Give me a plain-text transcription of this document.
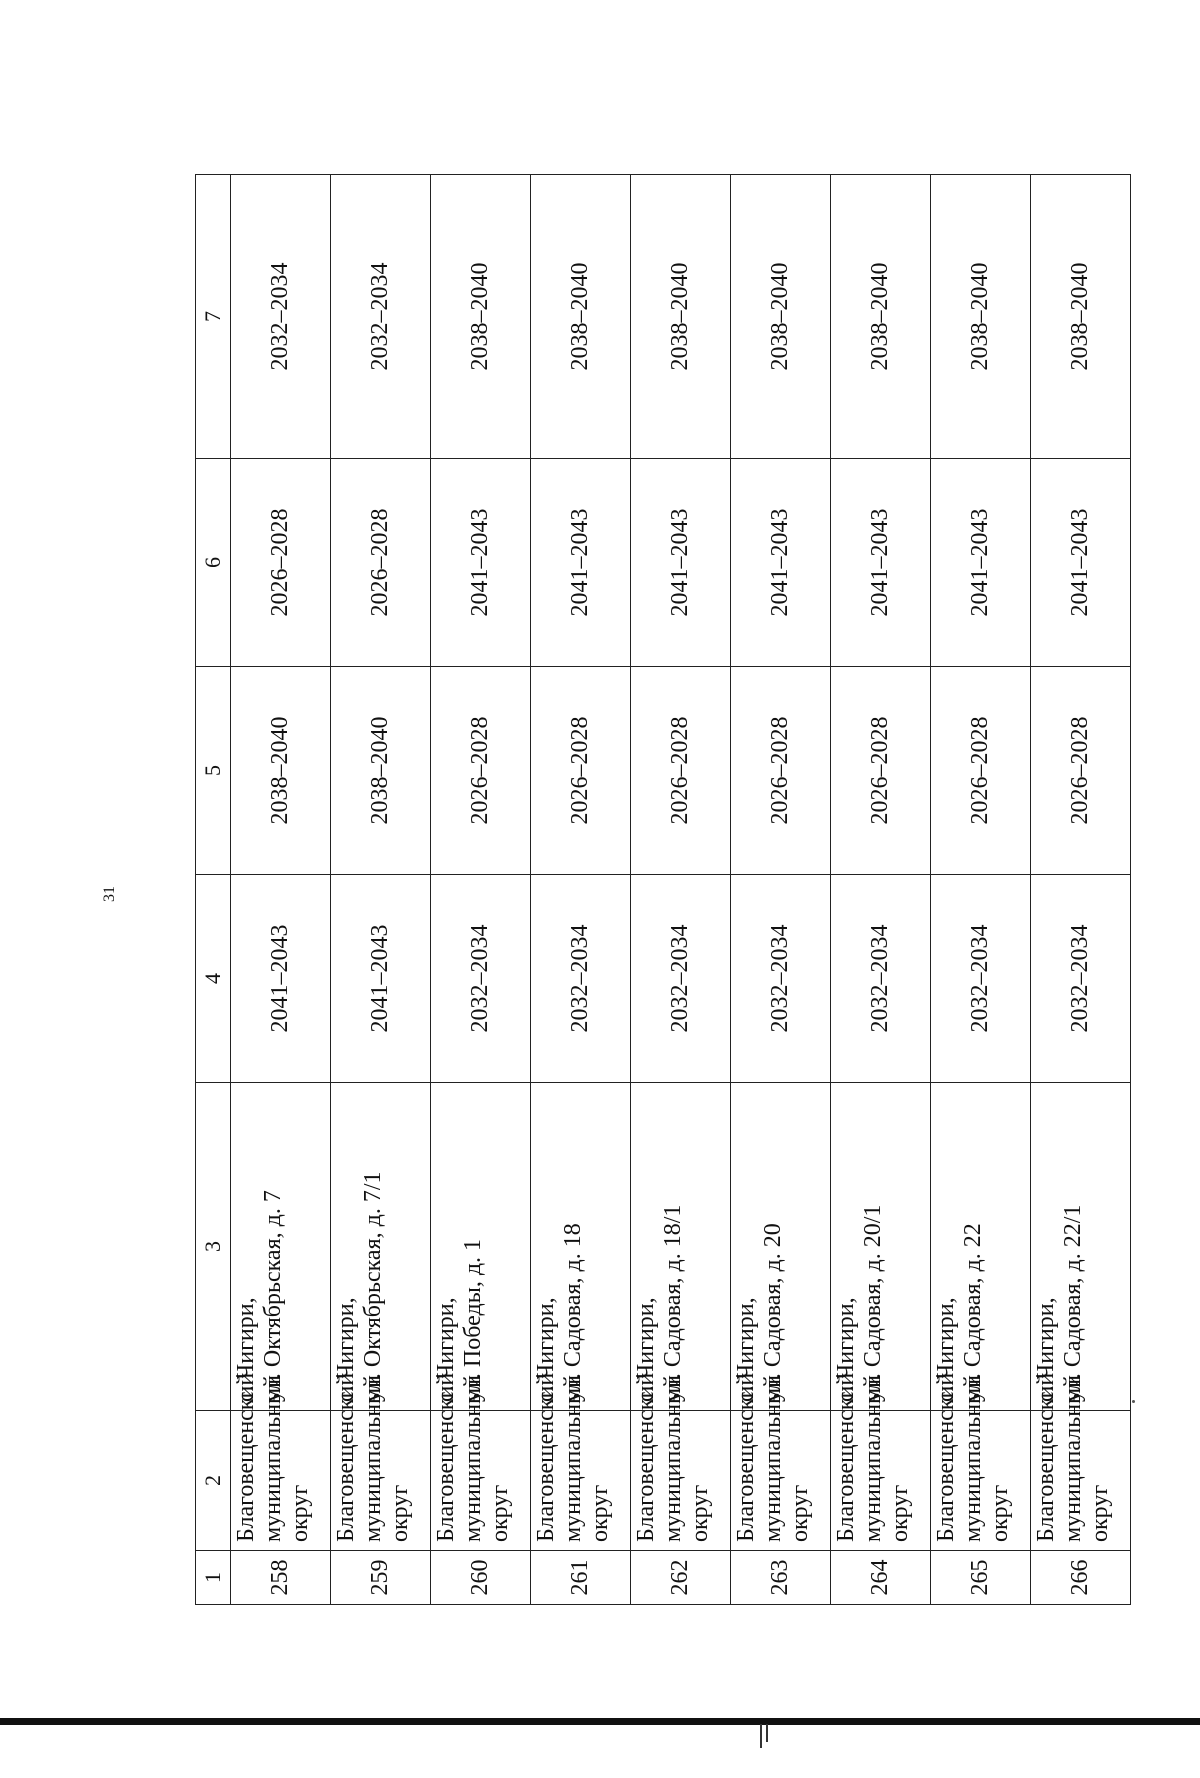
31
1	2	3	4	5	6	7
258	Благовещенский муниципальный округ	с. Чигири, ул. Октябрьская, д. 7	2041–2043	2038–2040	2026–2028	2032–2034
259	Благовещенский муниципальный округ	с. Чигири, ул. Октябрьская, д. 7/1	2041–2043	2038–2040	2026–2028	2032–2034
260	Благовещенский муниципальный округ	с. Чигири, ул. Победы, д. 1	2032–2034	2026–2028	2041–2043	2038–2040
261	Благовещенский муниципальный округ	с. Чигири, ул. Садовая, д. 18	2032–2034	2026–2028	2041–2043	2038–2040
262	Благовещенский муниципальный округ	с. Чигири, ул. Садовая, д. 18/1	2032–2034	2026–2028	2041–2043	2038–2040
263	Благовещенский муниципальный округ	с. Чигири, ул. Садовая, д. 20	2032–2034	2026–2028	2041–2043	2038–2040
264	Благовещенский муниципальный округ	с. Чигири, ул. Садовая, д. 20/1	2032–2034	2026–2028	2041–2043	2038–2040
265	Благовещенский муниципальный округ	с. Чигири, ул. Садовая, д. 22	2032–2034	2026–2028	2041–2043	2038–2040
266	Благовещенский муниципальный округ	с. Чигири, ул. Садовая, д. 22/1	2032–2034	2026–2028	2041–2043	2038–2040
